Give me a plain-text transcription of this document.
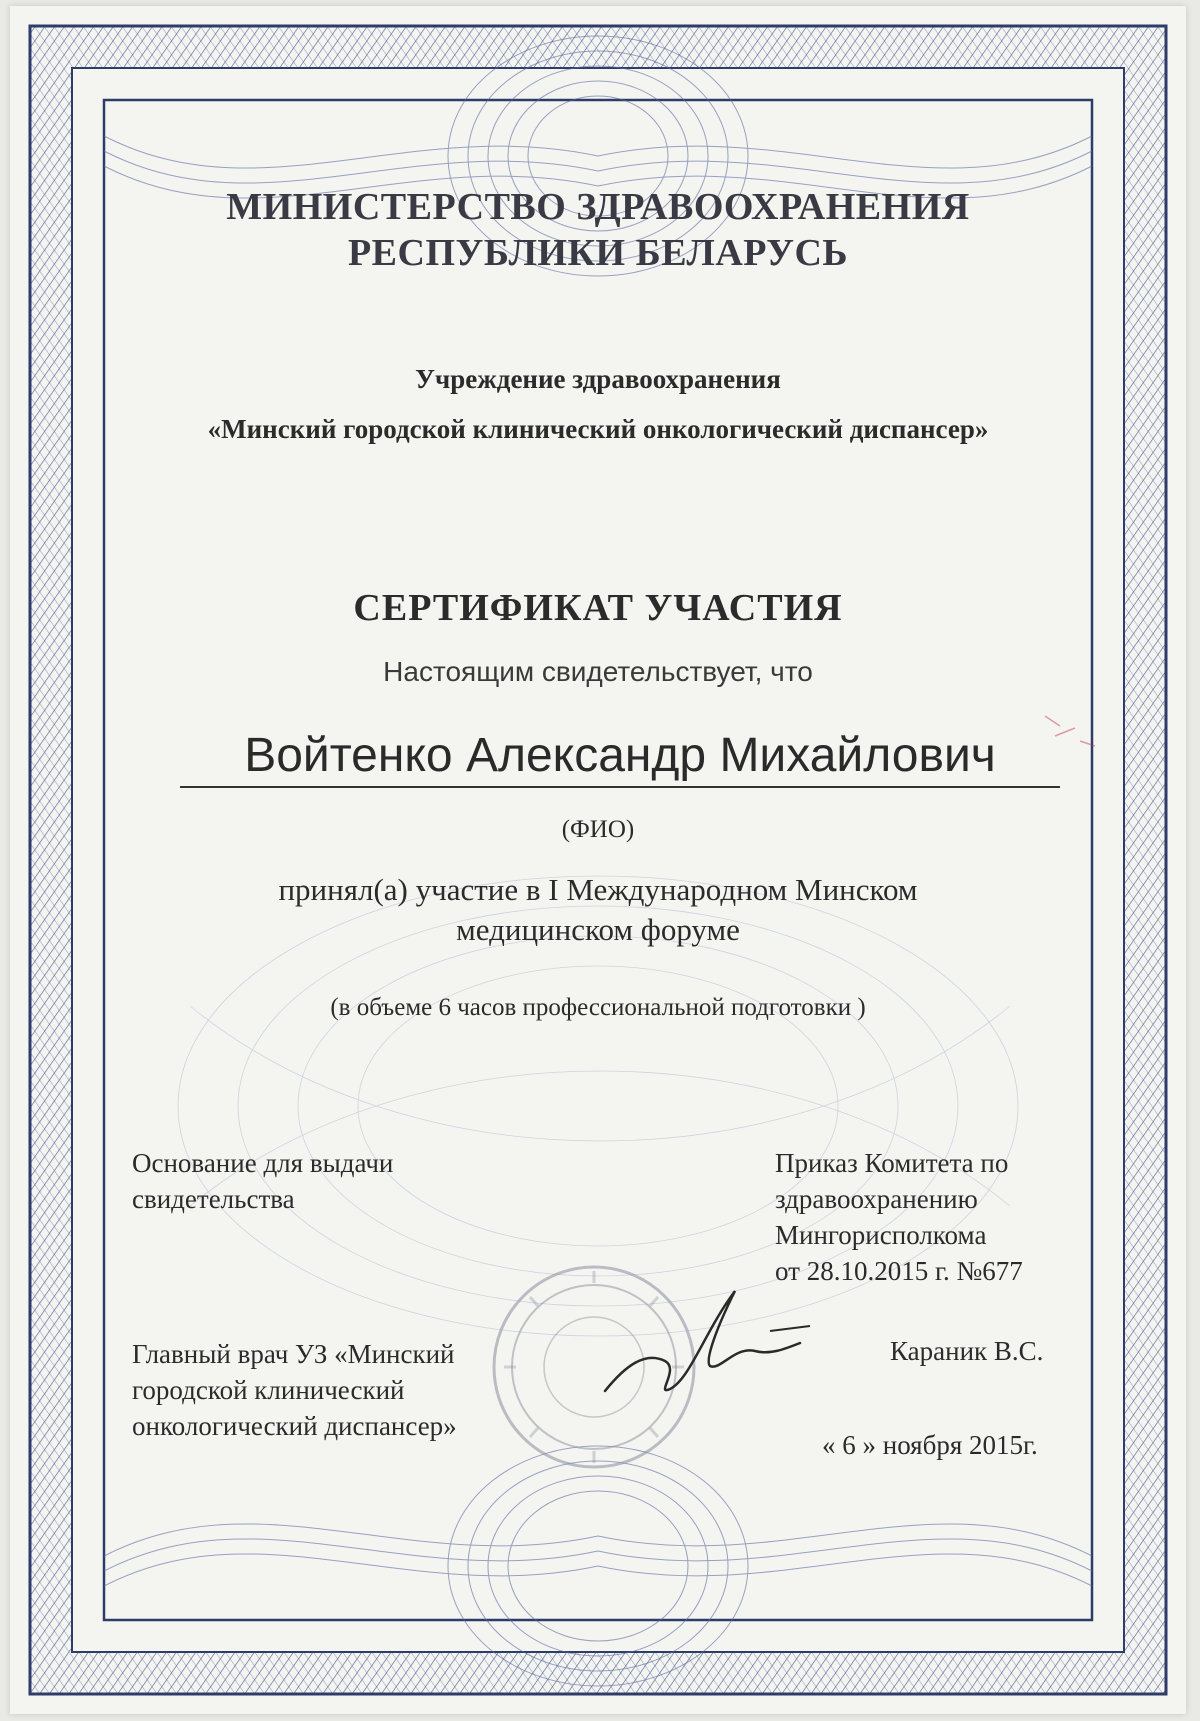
МИНИСТЕРСТВО ЗДРАВООХРАНЕНИЯ
РЕСПУБЛИКИ БЕЛАРУСЬ
Учреждение здравоохранения
«Минский городской клинический онкологический диспансер»
СЕРТИФИКАТ УЧАСТИЯ
Настоящим свидетельствует, что
Войтенко Александр Михайлович
(ФИО)
принял(а) участие в I Международном Минском
медицинском форуме
(в объеме 6 часов профессиональной подготовки )
Основание для выдачи свидетельства
Приказ Комитета по
здравоохранению
Мингорисполкома
от 28.10.2015 г. №677
Главный врач УЗ «Минский
городской клинический
онкологический диспансер»
Караник В.С.
« 6 » ноября 2015г.
